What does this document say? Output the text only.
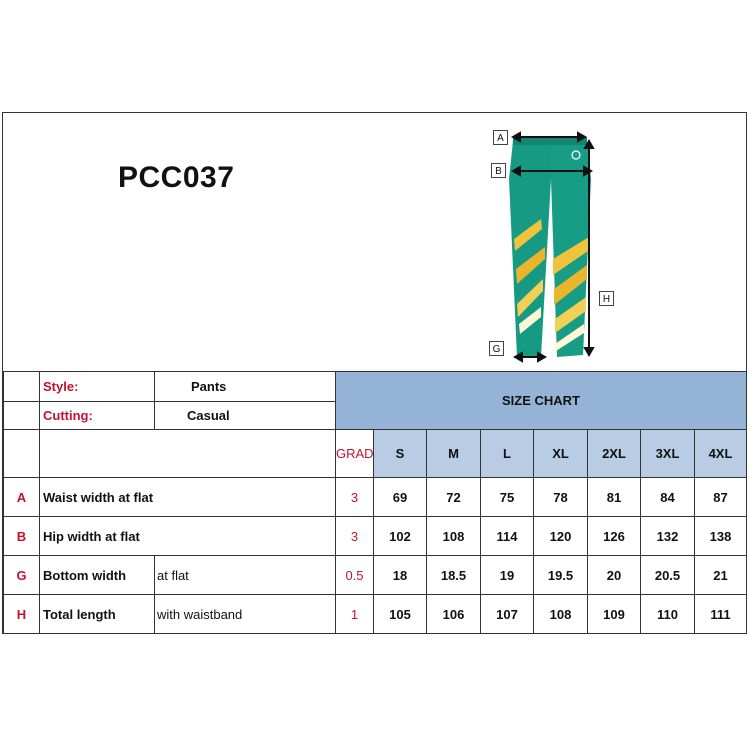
PCC037
A
B
H
G
	Style:	Pants	SIZE CHART							
	Cutting:	Casual								
			GRAD	S	M	L	XL	2XL	3XL	4XL
A	Waist width at flat		3	69	72	75	78	81	84	87
B	Hip width at flat		3	102	108	114	120	126	132	138
G	Bottom width	at flat	0.5	18	18.5	19	19.5	20	20.5	21
H	Total length	with waistband	1	105	106	107	108	109	110	111
